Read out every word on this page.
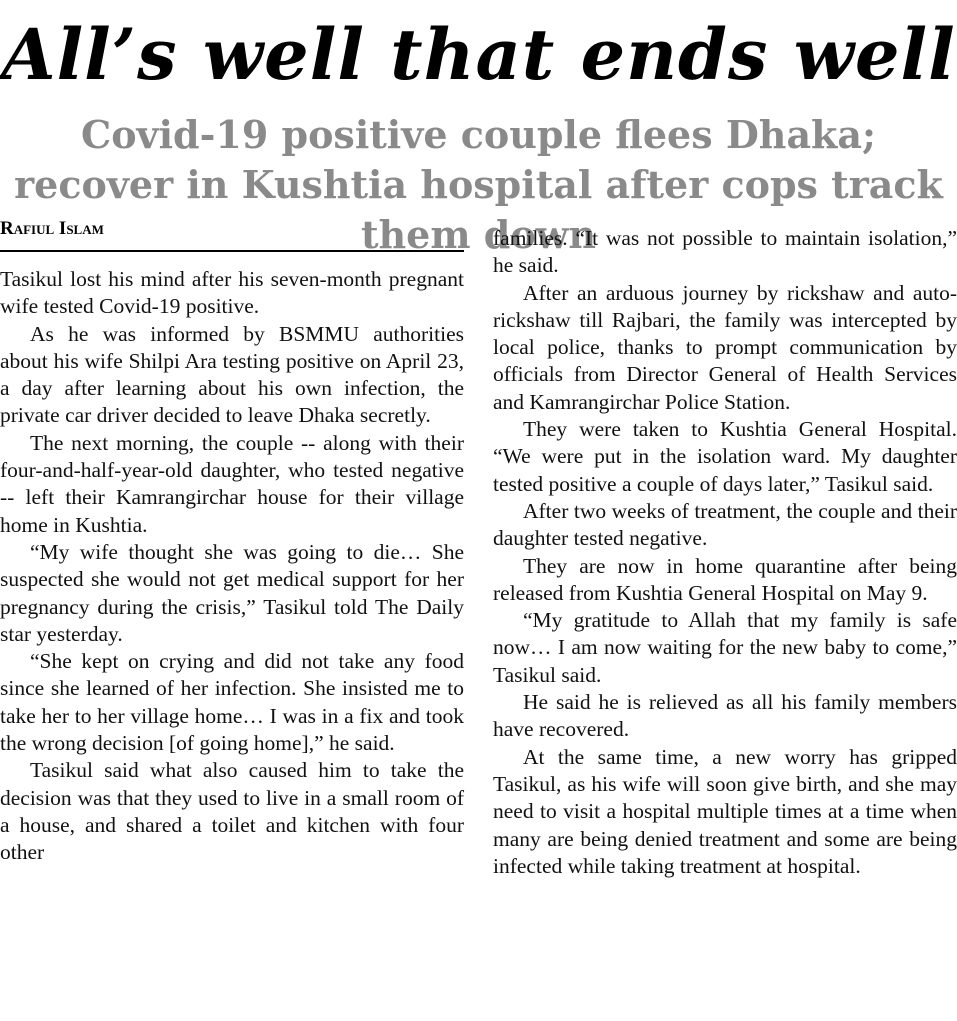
All’s well that ends well
Covid-19 positive couple flees Dhaka; recover in Kushtia hospital after cops track them down
Rafiul Islam

Tasikul lost his mind after his seven-month pregnant wife tested Covid-19 positive.

As he was informed by BSMMU authorities about his wife Shilpi Ara testing positive on April 23, a day after learning about his own infection, the private car driver decided to leave Dhaka secretly.

The next morning, the couple -- along with their four-and-half-year-old daughter, who tested negative -- left their Kamrangirchar house for their village home in Kushtia.

“My wife thought she was going to die… She suspected she would not get medical support for her pregnancy during the crisis,” Tasikul told The Daily star yesterday.

“She kept on crying and did not take any food since she learned of her infection. She insisted me to take her to her village home… I was in a fix and took the wrong decision [of going home],” he said.

Tasikul said what also caused him to take the decision was that they used to live in a small room of a house, and shared a toilet and kitchen with four other

families. “It was not possible to maintain isolation,” he said.

After an arduous journey by rickshaw and auto-rickshaw till Rajbari, the family was intercepted by local police, thanks to prompt communication by officials from Director General of Health Services and Kamrangirchar Police Station.

They were taken to Kushtia General Hospital. “We were put in the isolation ward. My daughter tested positive a couple of days later,” Tasikul said.

After two weeks of treatment, the couple and their daughter tested negative.

They are now in home quarantine after being released from Kushtia General Hospital on May 9.

“My gratitude to Allah that my family is safe now… I am now waiting for the new baby to come,” Tasikul said.

He said he is relieved as all his family members have recovered.

At the same time, a new worry has gripped Tasikul, as his wife will soon give birth, and she may need to visit a hospital multiple times at a time when many are being denied treatment and some are being infected while taking treatment at hospital.
